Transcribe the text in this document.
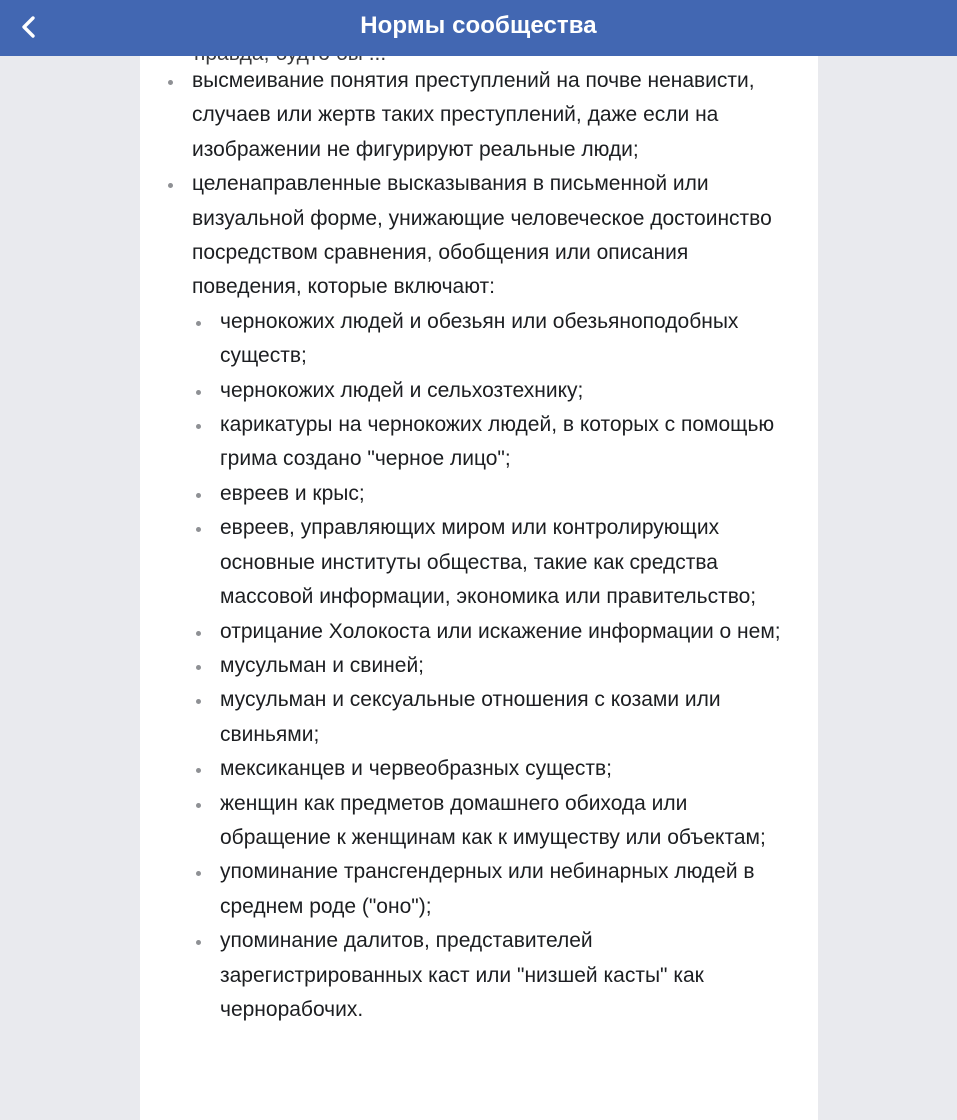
Нормы сообщества
высмеивание понятия преступлений на почве ненависти, случаев или жертв таких преступлений, даже если на изображении не фигурируют реальные люди;
целенаправленные высказывания в письменной или визуальной форме, унижающие человеческое достоинство посредством сравнения, обобщения или описания поведения, которые включают:
чернокожих людей и обезьян или обезьяноподобных существ;
чернокожих людей и сельхозтехнику;
карикатуры на чернокожих людей, в которых с помощью грима создано "черное лицо";
евреев и крыс;
евреев, управляющих миром или контролирующих основные институты общества, такие как средства массовой информации, экономика или правительство;
отрицание Холокоста или искажение информации о нем;
мусульман и свиней;
мусульман и сексуальные отношения с козами или свиньями;
мексиканцев и червеобразных существ;
женщин как предметов домашнего обихода или обращение к женщинам как к имуществу или объектам;
упоминание трансгендерных или небинарных людей в среднем роде ("оно");
упоминание далитов, представителей зарегистрированных каст или "низшей касты" как чернорабочих.
